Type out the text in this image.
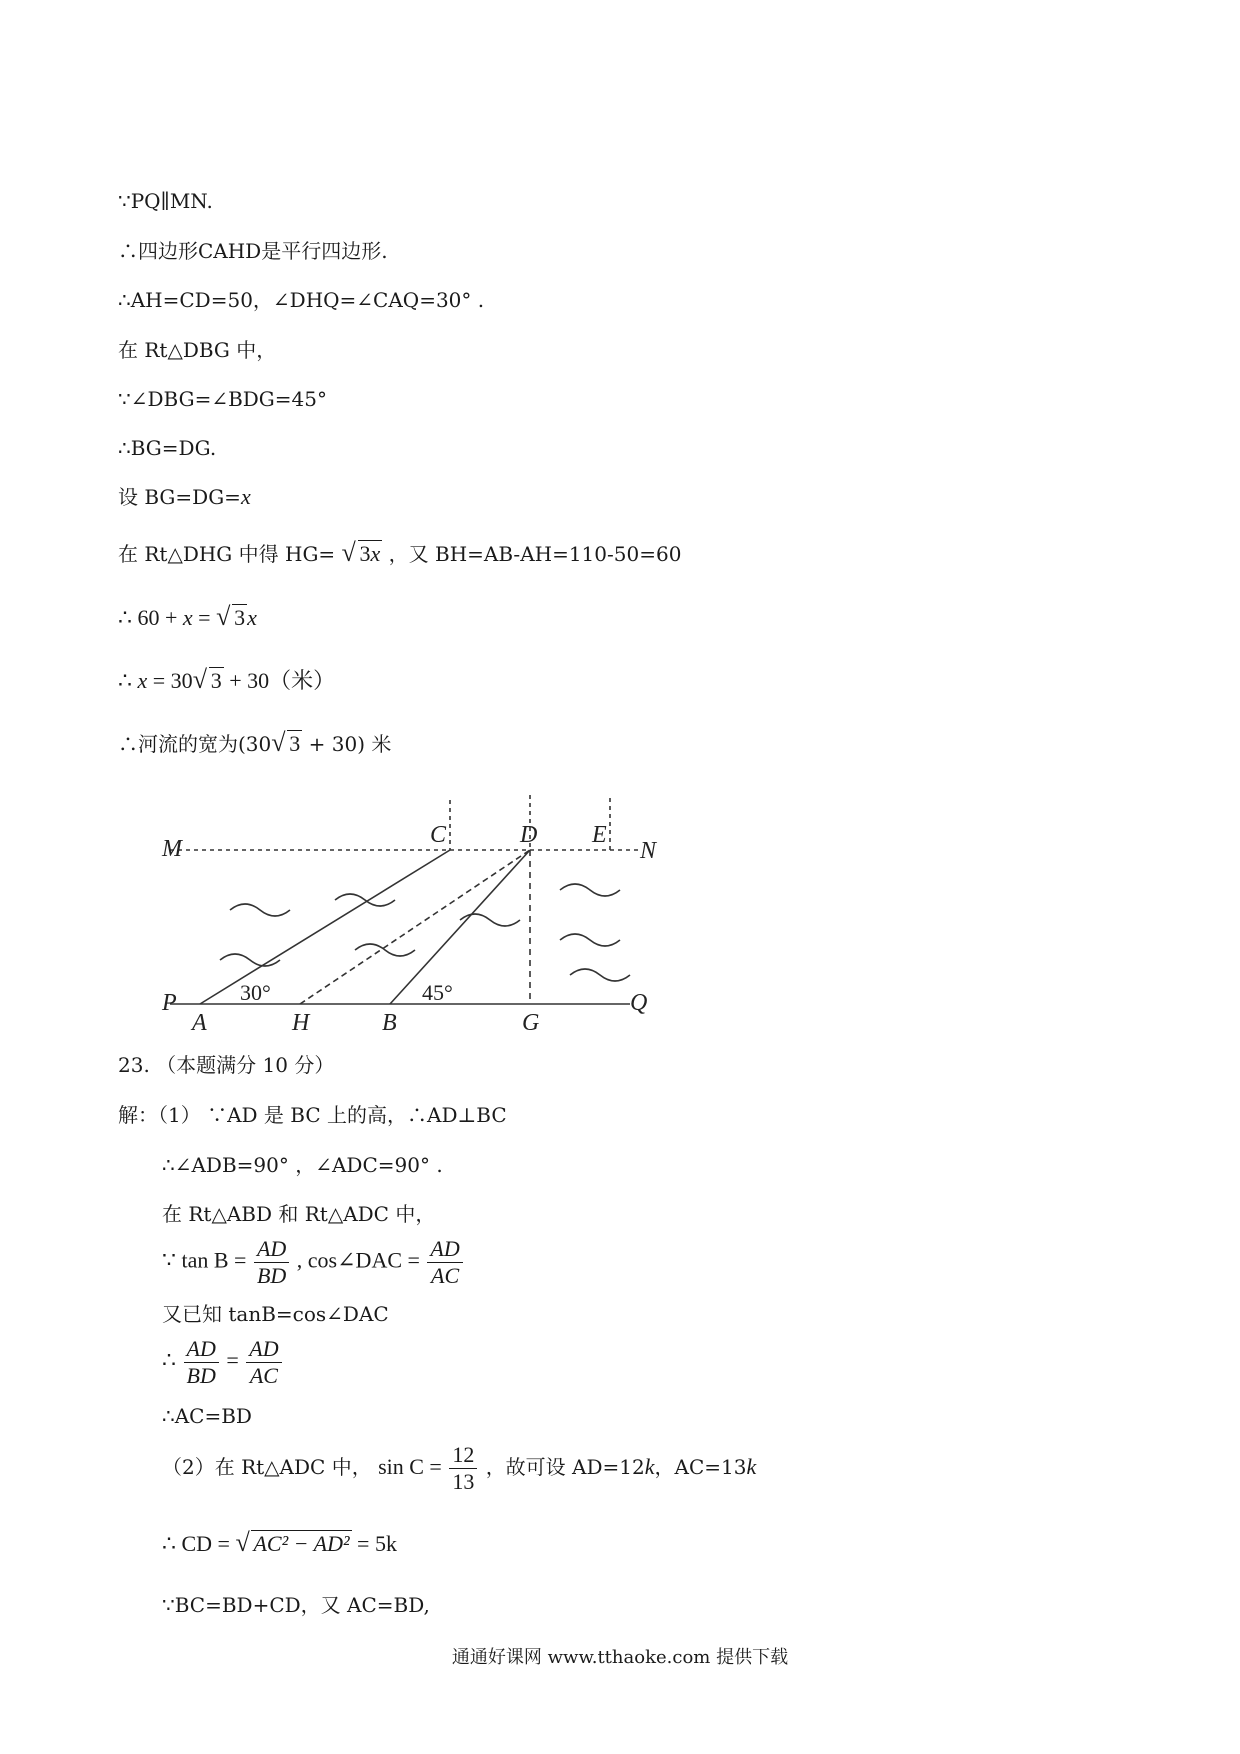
∵PQ∥MN.
∴四边形CAHD是平行四边形.
∴AH=CD=50，∠DHQ=∠CAQ=30° .
在 Rt△DBG 中，
∵∠DBG=∠BDG=45°
∴BG=DG.
设 BG=DG=x
在 Rt△DHG 中得 HG= √ 3x ，又 BH=AB-AH=110-50=60
∴ 60 + x = √ 3x
∴ x = 30 √ 3 + 30（米）
∴河流的宽为(30 √ 3 + 30) 米
M	N
P	Q
C	D E
A	H	B	G
30°	45°
23. （本题满分 10 分）
解：（1） ∵AD 是 BC 上的高，∴AD⊥BC
∴∠ADB=90° ，∠ADC=90° .
在 Rt△ABD 和 Rt△ADC 中，
∵ $\tan B = \frac{AD}{BD}$ , cos∠DAC = $\frac{AD}{AC}$
又已知 tanB=cos∠DAC
∴ $\frac{AD}{BD} = \frac{AD}{AC}$
∴AC=BD
（2）在 Rt△ADC 中， $\sin C = \frac{12}{13}$ ，故可设 AD=12k，AC=13k
∴ CD = √ AC² − AD² = 5k
∵BC=BD+CD，又 AC=BD,
通通好课网 www.tthaoke.com 提供下载
